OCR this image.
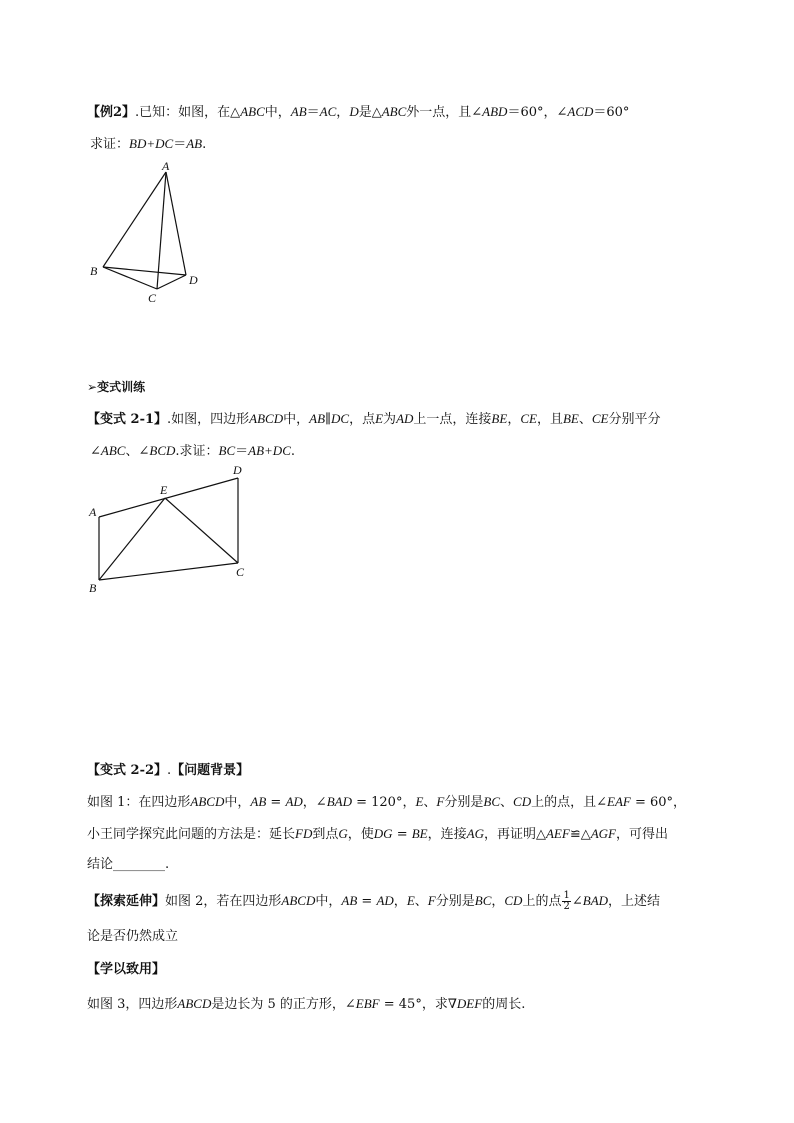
【例2】.已知：如图，在△ABC中，AB＝AC，D是△ABC外一点，且∠ABD＝60°，∠ACD＝60°
求证：BD+DC＝AB.
A
B
C
D
➢变式训练
【变式 2-1】.如图，四边形ABCD中，AB∥DC，点E为AD上一点，连接BE，CE，且BE、CE分别平分
∠ABC、∠BCD.求证：BC＝AB+DC.
A
B
C
D
E
【变式 2-2】.【问题背景】
如图 1：在四边形ABCD中，AB = AD，∠BAD = 120°，E、F分别是BC、CD上的点，且∠EAF = 60°，
小王同学探究此问题的方法是：延长FD到点G，使DG = BE，连接AG，再证明△AEF≌△AGF，可得出
结论________.
【探索延伸】如图 2，若在四边形ABCD中，AB = AD，E、F分别是BC，CD上的点 $\frac{1}{2}$ ∠BAD，上述结
论是否仍然成立
【学以致用】
如图 3，四边形ABCD是边长为 5 的正方形，∠EBF = 45°，求∇DEF的周长.
